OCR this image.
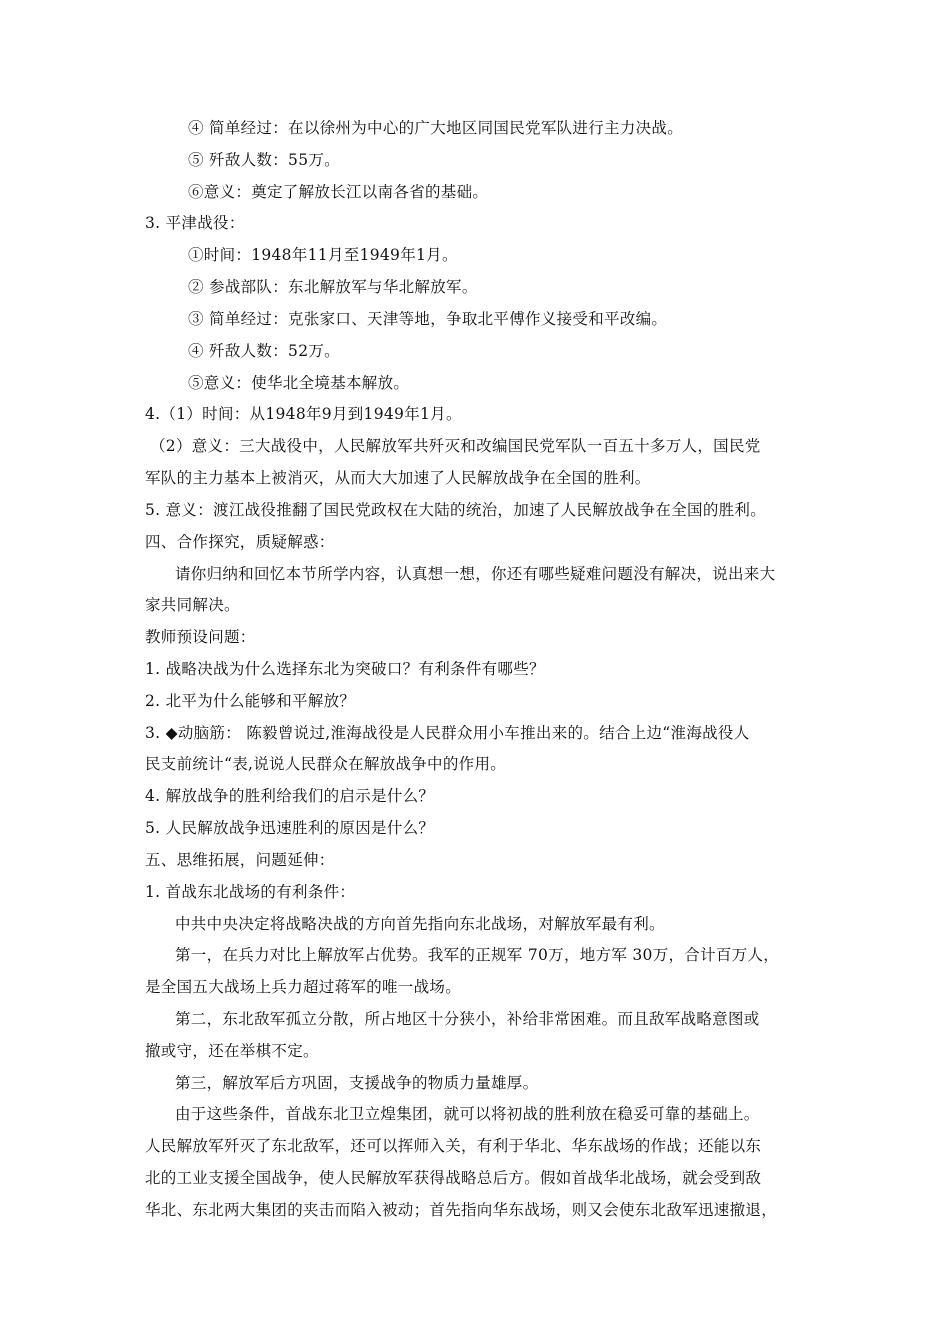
④ 简单经过：在以徐州为中心的广大地区同国民党军队进行主力决战。
⑤ 歼敌人数：55万。
⑥意义：奠定了解放长江以南各省的基础。
3. 平津战役：
①时间：1948年11月至1949年1月。
② 参战部队：东北解放军与华北解放军。
③ 简单经过：克张家口、天津等地，争取北平傅作义接受和平改编。
④ 歼敌人数：52万。
⑤意义：使华北全境基本解放。
4.（1）时间：从1948年9月到1949年1月。
（2）意义：三大战役中，人民解放军共歼灭和改编国民党军队一百五十多万人，国民党
军队的主力基本上被消灭，从而大大加速了人民解放战争在全国的胜利。
5. 意义：渡江战役推翻了国民党政权在大陆的统治，加速了人民解放战争在全国的胜利。
四、合作探究，质疑解惑：
请你归纳和回忆本节所学内容，认真想一想，你还有哪些疑难问题没有解决，说出来大
家共同解决。
教师预设问题：
1. 战略决战为什么选择东北为突破口？有利条件有哪些？
2. 北平为什么能够和平解放？
3. ◆动脑筋： 陈毅曾说过,淮海战役是人民群众用小车推出来的。结合上边“淮海战役人
民支前统计“表,说说人民群众在解放战争中的作用。
4. 解放战争的胜利给我们的启示是什么？
5. 人民解放战争迅速胜利的原因是什么？
五、思维拓展，问题延伸：
1. 首战东北战场的有利条件：
中共中央决定将战略决战的方向首先指向东北战场，对解放军最有利。
第一，在兵力对比上解放军占优势。我军的正规军 70万，地方军 30万，合计百万人，
是全国五大战场上兵力超过蒋军的唯一战场。
第二，东北敌军孤立分散，所占地区十分狭小，补给非常困难。而且敌军战略意图或
撤或守，还在举棋不定。
第三，解放军后方巩固，支援战争的物质力量雄厚。
由于这些条件，首战东北卫立煌集团，就可以将初战的胜利放在稳妥可靠的基础上。
人民解放军歼灭了东北敌军，还可以挥师入关，有利于华北、华东战场的作战；还能以东
北的工业支援全国战争，使人民解放军获得战略总后方。假如首战华北战场，就会受到敌
华北、东北两大集团的夹击而陷入被动；首先指向华东战场，则又会使东北敌军迅速撤退，
